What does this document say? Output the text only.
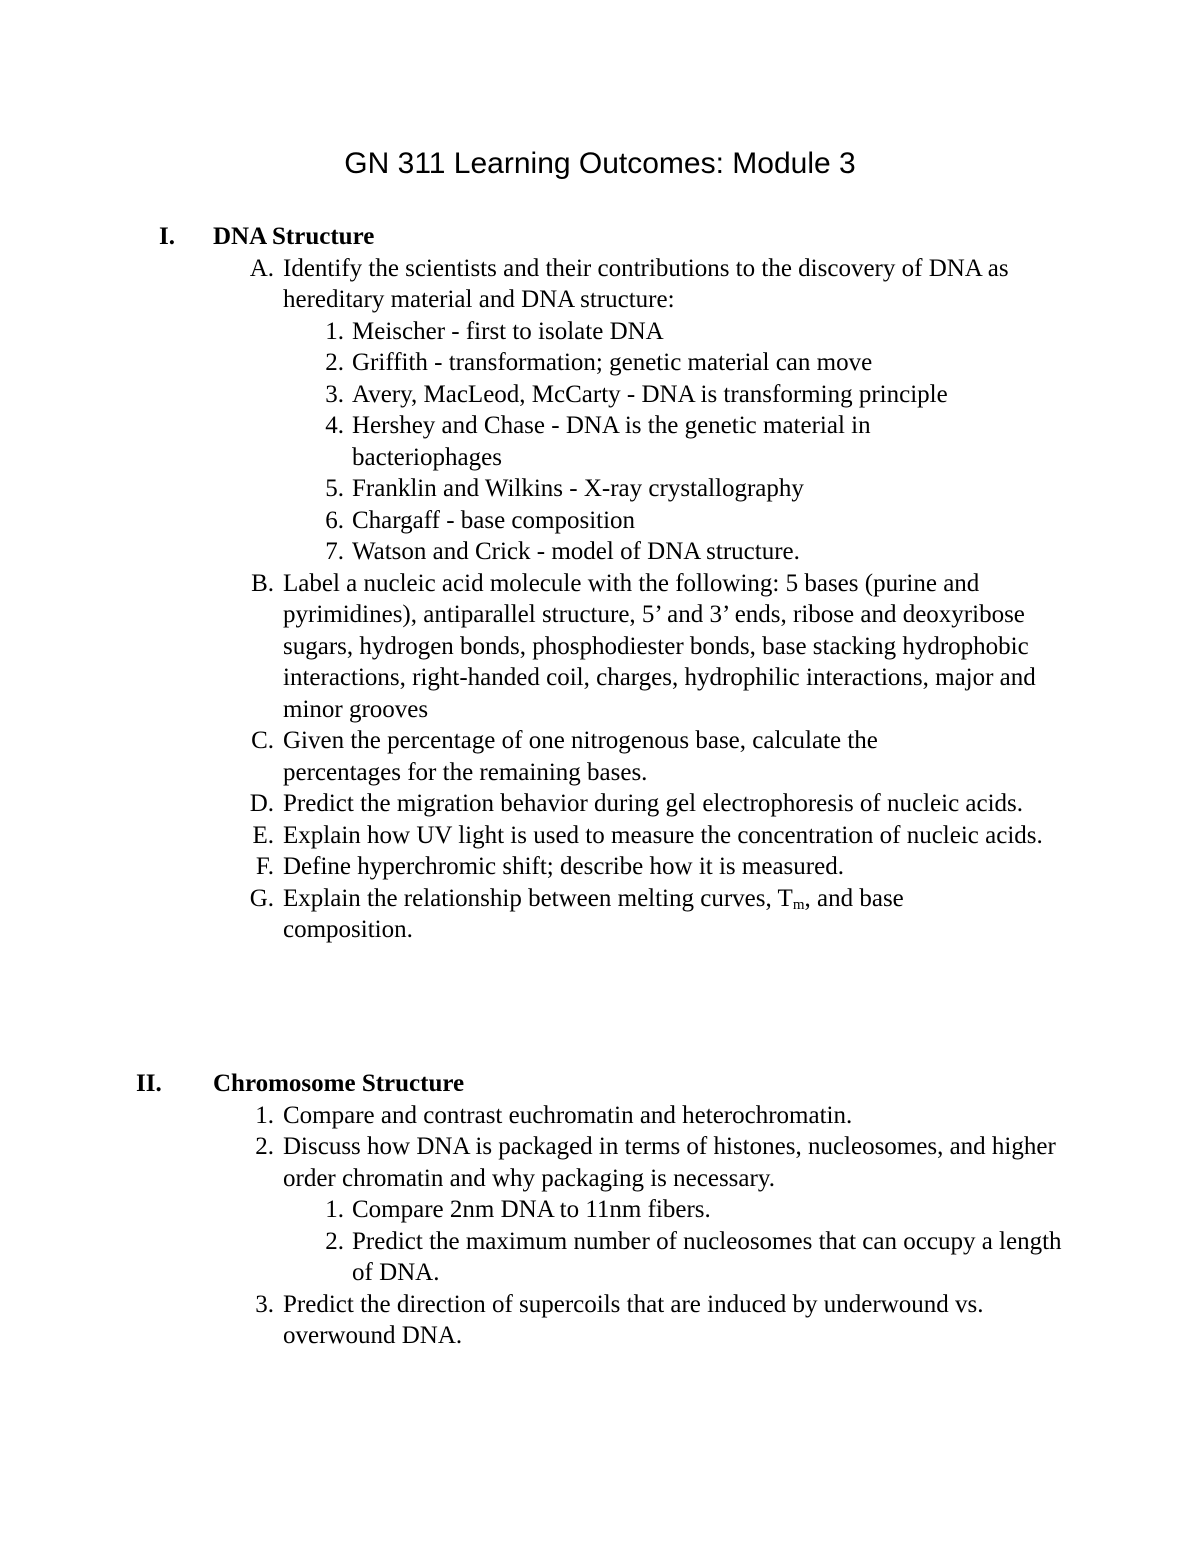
GN 311 Learning Outcomes: Module 3
I. DNA Structure
A. Identify the scientists and their contributions to the discovery of DNA as hereditary material and DNA structure:
1. Meischer - first to isolate DNA
2. Griffith - transformation; genetic material can move
3. Avery, MacLeod, McCarty - DNA is transforming principle
4. Hershey and Chase - DNA is the genetic material in bacteriophages
5. Franklin and Wilkins - X-ray crystallography
6. Chargaff - base composition
7. Watson and Crick - model of DNA structure.
B. Label a nucleic acid molecule with the following: 5 bases (purine and pyrimidines), antiparallel structure, 5’ and 3’ ends, ribose and deoxyribose sugars, hydrogen bonds, phosphodiester bonds, base stacking hydrophobic interactions, right-handed coil, charges, hydrophilic interactions, major and minor grooves
C. Given the percentage of one nitrogenous base, calculate the percentages for the remaining bases.
D. Predict the migration behavior during gel electrophoresis of nucleic acids.
E. Explain how UV light is used to measure the concentration of nucleic acids.
F. Define hyperchromic shift; describe how it is measured.
G. Explain the relationship between melting curves, $T_m$, and base composition.
II. Chromosome Structure
1. Compare and contrast euchromatin and heterochromatin.
2. Discuss how DNA is packaged in terms of histones, nucleosomes, and higher order chromatin and why packaging is necessary.
1. Compare 2nm DNA to 11nm fibers.
2. Predict the maximum number of nucleosomes that can occupy a length of DNA.
3. Predict the direction of supercoils that are induced by underwound vs. overwound DNA.
